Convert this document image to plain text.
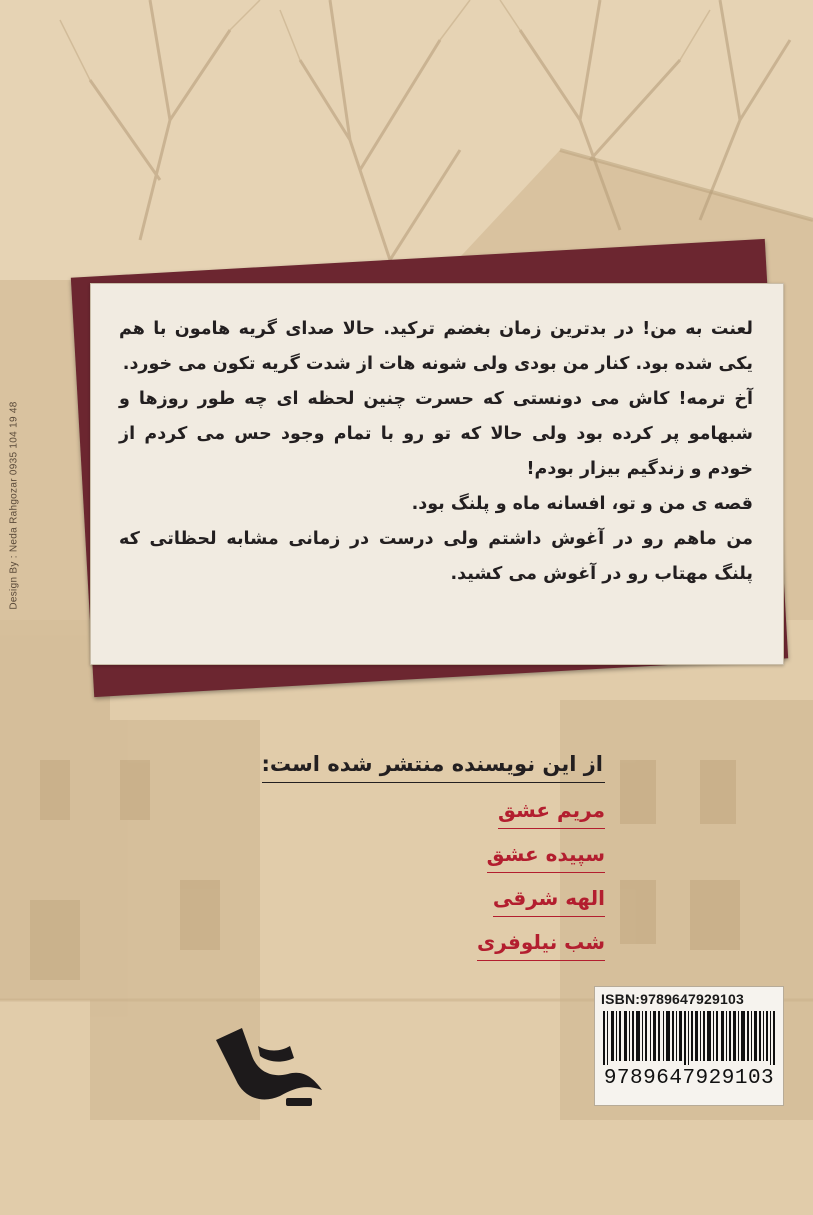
Design By : Neda Rahgozar 0935 104 19 48

لعنت به من! در بدترین زمان بغضم ترکید. حالا صدای گریه هامون با هم یکی شده بود. کنار من بودی ولی شونه هات از شدت گریه تکون می خورد.

آخ ترمه! کاش می دونستی که حسرت چنین لحظه ای چه طور روزها و شبهامو پر کرده بود ولی حالا که تو رو با تمام وجود حس می کردم از خودم و زندگیم بیزار بودم!

قصه ی من و تو، افسانه ماه و پلنگ بود.

من ماهم رو در آغوش داشتم ولی درست در زمانی مشابه لحظاتی که پلنگ مهتاب رو در آغوش می کشید.

از این نویسنده منتشر شده است:
مریم عشق
سپیده عشق
الهه شرقی
شب نیلوفری
ISBN:9789647929103
9789647929103
